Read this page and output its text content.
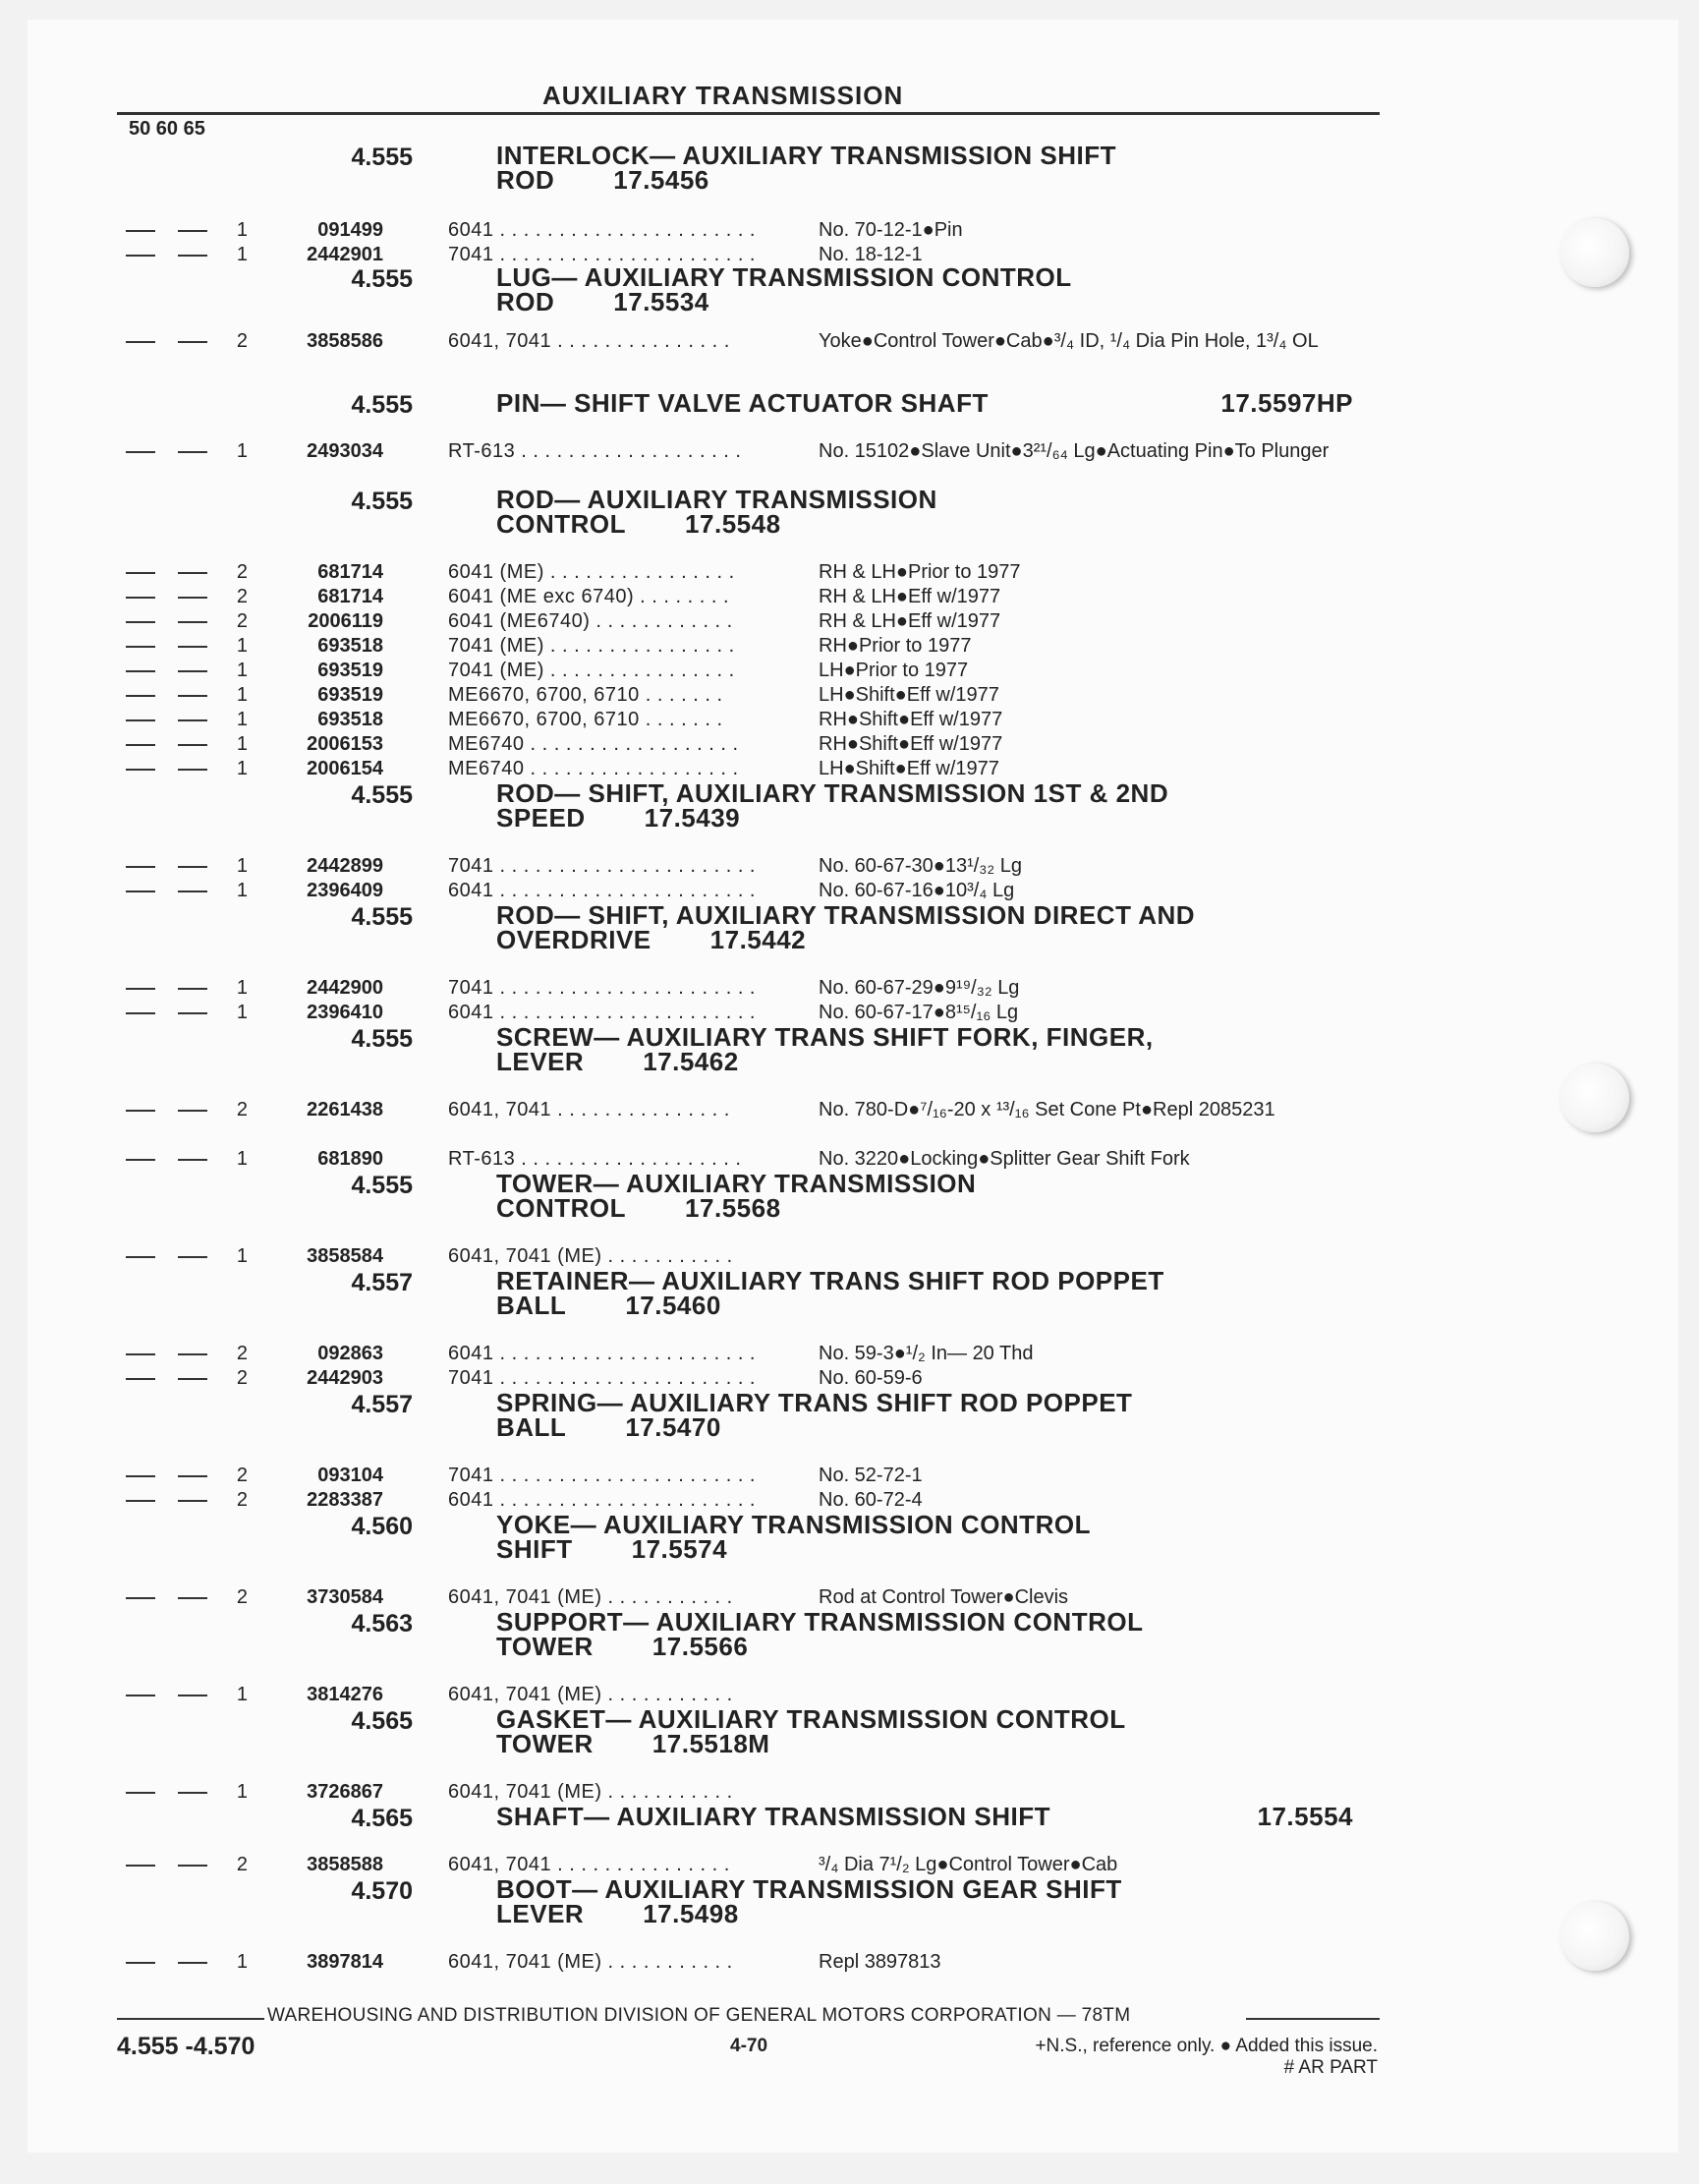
AUXILIARY TRANSMISSION
50 60 65
4.555	INTERLOCK— AUXILIARY TRANSMISSION SHIFT
ROD 17.5456
1	091499	6041 . . . . . . . . . . . . . . . . . . . . . .	No. 70-12-1●Pin
1	2442901	7041 . . . . . . . . . . . . . . . . . . . . . .	No. 18-12-1
4.555	LUG— AUXILIARY TRANSMISSION CONTROL
ROD 17.5534
2	3858586	6041, 7041 . . . . . . . . . . . . . . .	Yoke●Control Tower●Cab●³/₄ ID, ¹/₄ Dia Pin Hole, 1³/₄ OL
4.555	PIN— SHIFT VALVE ACTUATOR SHAFT	17.5597HP
1	2493034	RT-613 . . . . . . . . . . . . . . . . . . .	No. 15102●Slave Unit●3²¹/₆₄ Lg●Actuating Pin●To Plunger
4.555	ROD— AUXILIARY TRANSMISSION
CONTROL 17.5548
2	681714	6041 (ME) . . . . . . . . . . . . . . . .	RH & LH●Prior to 1977
2	681714	6041 (ME exc 6740) . . . . . . . .	RH & LH●Eff w/1977
2	2006119	6041 (ME6740) . . . . . . . . . . . .	RH & LH●Eff w/1977
1	693518	7041 (ME) . . . . . . . . . . . . . . . .	RH●Prior to 1977
1	693519	7041 (ME) . . . . . . . . . . . . . . . .	LH●Prior to 1977
1	693519	ME6670, 6700, 6710 . . . . . . .	LH●Shift●Eff w/1977
1	693518	ME6670, 6700, 6710 . . . . . . .	RH●Shift●Eff w/1977
1	2006153	ME6740 . . . . . . . . . . . . . . . . . .	RH●Shift●Eff w/1977
1	2006154	ME6740 . . . . . . . . . . . . . . . . . .	LH●Shift●Eff w/1977
4.555	ROD— SHIFT, AUXILIARY TRANSMISSION 1ST & 2ND
SPEED 17.5439
1	2442899	7041 . . . . . . . . . . . . . . . . . . . . . .	No. 60-67-30●13¹/₃₂ Lg
1	2396409	6041 . . . . . . . . . . . . . . . . . . . . . .	No. 60-67-16●10³/₄ Lg
4.555	ROD— SHIFT, AUXILIARY TRANSMISSION DIRECT AND
OVERDRIVE 17.5442
1	2442900	7041 . . . . . . . . . . . . . . . . . . . . . .	No. 60-67-29●9¹⁹/₃₂ Lg
1	2396410	6041 . . . . . . . . . . . . . . . . . . . . . .	No. 60-67-17●8¹⁵/₁₆ Lg
4.555	SCREW— AUXILIARY TRANS SHIFT FORK, FINGER,
LEVER 17.5462
2	2261438	6041, 7041 . . . . . . . . . . . . . . .	No. 780-D●⁷/₁₆-20 x ¹³/₁₆ Set Cone Pt●Repl 2085231
1	681890	RT-613 . . . . . . . . . . . . . . . . . . .	No. 3220●Locking●Splitter Gear Shift Fork
4.555	TOWER— AUXILIARY TRANSMISSION
CONTROL 17.5568
1	3858584	6041, 7041 (ME) . . . . . . . . . . .
4.557	RETAINER— AUXILIARY TRANS SHIFT ROD POPPET
BALL 17.5460
2	092863	6041 . . . . . . . . . . . . . . . . . . . . . .	No. 59-3●¹/₂ In— 20 Thd
2	2442903	7041 . . . . . . . . . . . . . . . . . . . . . .	No. 60-59-6
4.557	SPRING— AUXILIARY TRANS SHIFT ROD POPPET
BALL 17.5470
2	093104	7041 . . . . . . . . . . . . . . . . . . . . . .	No. 52-72-1
2	2283387	6041 . . . . . . . . . . . . . . . . . . . . . .	No. 60-72-4
4.560	YOKE— AUXILIARY TRANSMISSION CONTROL
SHIFT 17.5574
2	3730584	6041, 7041 (ME) . . . . . . . . . . .	Rod at Control Tower●Clevis
4.563	SUPPORT— AUXILIARY TRANSMISSION CONTROL
TOWER 17.5566
1	3814276	6041, 7041 (ME) . . . . . . . . . . .
4.565	GASKET— AUXILIARY TRANSMISSION CONTROL
TOWER 17.5518M
1	3726867	6041, 7041 (ME) . . . . . . . . . . .
4.565	SHAFT— AUXILIARY TRANSMISSION SHIFT	17.5554
2	3858588	6041, 7041 . . . . . . . . . . . . . . .	³/₄ Dia 7¹/₂ Lg●Control Tower●Cab
4.570	BOOT— AUXILIARY TRANSMISSION GEAR SHIFT
LEVER 17.5498
1	3897814	6041, 7041 (ME) . . . . . . . . . . .	Repl 3897813
WAREHOUSING AND DISTRIBUTION DIVISION OF GENERAL MOTORS CORPORATION — 78TM
4.555 -4.570	4-70	+N.S., reference only. ● Added this issue.
# AR PART
